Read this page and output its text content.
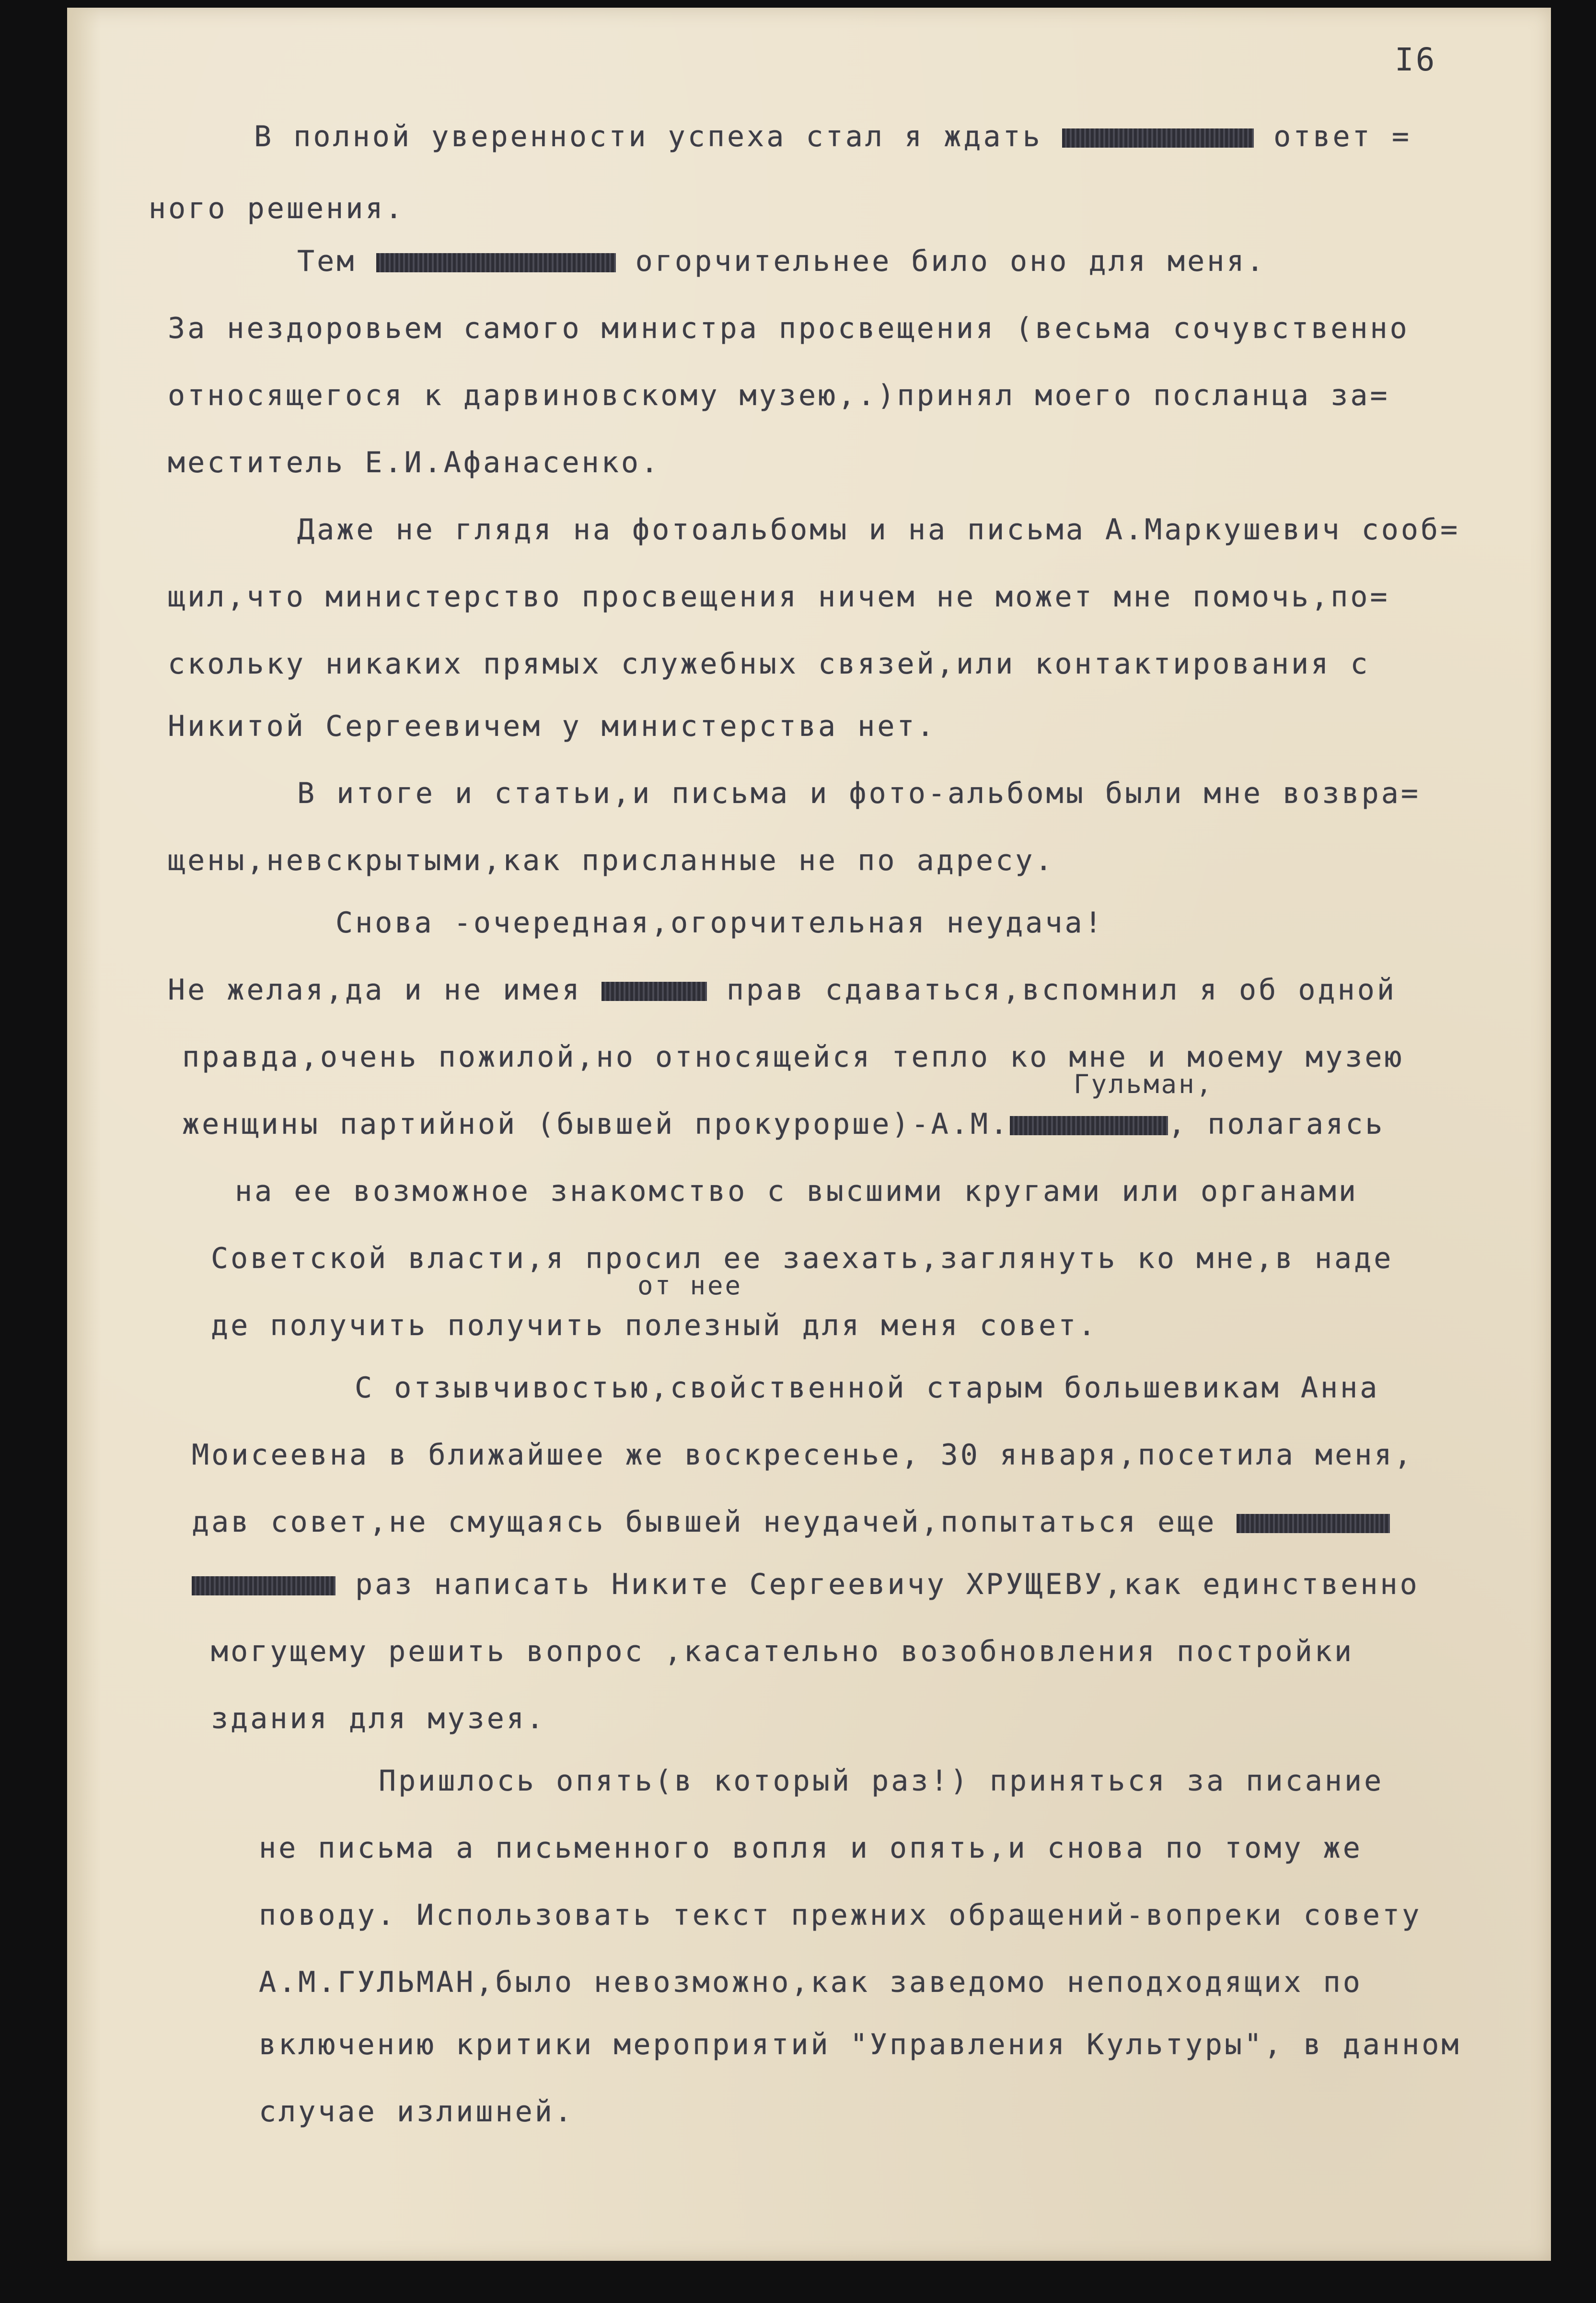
I6
В полной уверенности успеха стал я ждать	ответ =
ного решения.
Тем	огорчительнее било оно для меня.
За нездоровьем самого министра просвещения (весьма сочувственно
относящегося к дарвиновскому музею,.)принял моего посланца за=
меститель Е.И.Афанасенко.
Даже не глядя на фотоальбомы и на письма А.Маркушевич сооб=
щил,что министерство просвещения ничем не может мне помочь,по=
скольку никаких прямых служебных связей,или контактирования с
Никитой Сергеевичем у министерства нет.
В итоге и статьи,и письма и фото-альбомы были мне возвра=
щены,невскрытыми,как присланные не по адресу.
Снова -очередная,огорчительная неудача!
Не желая,да и не имея	прав сдаваться,вспомнил я об одной
правда,очень пожилой,но относящейся тепло ко мне и моему музею
Гульман,
женщины партийной (бывшей прокурорше)-А.М.	, полагаясь
на ее возможное знакомство с высшими кругами или органами
Советской власти,я просил ее заехать,заглянуть ко мне,в наде
от нее
де получить получить полезный для меня совет.
С отзывчивостью,свойственной старым большевикам Анна
Моисеевна в ближайшее же воскресенье, 30 января,посетила меня,
дав совет,не смущаясь бывшей неудачей,попытаться еще
раз написать Никите Сергеевичу ХРУЩЕВУ,как единственно
могущему решить вопрос ,касательно возобновления постройки
здания для музея.
Пришлось опять(в который раз!) приняться за писание
не письма а письменного вопля и опять,и снова по тому же
поводу. Использовать текст прежних обращений-вопреки совету
А.М.ГУЛЬМАН,было невозможно,как заведомо неподходящих по
включению критики мероприятий "Управления Культуры", в данном
случае излишней.
